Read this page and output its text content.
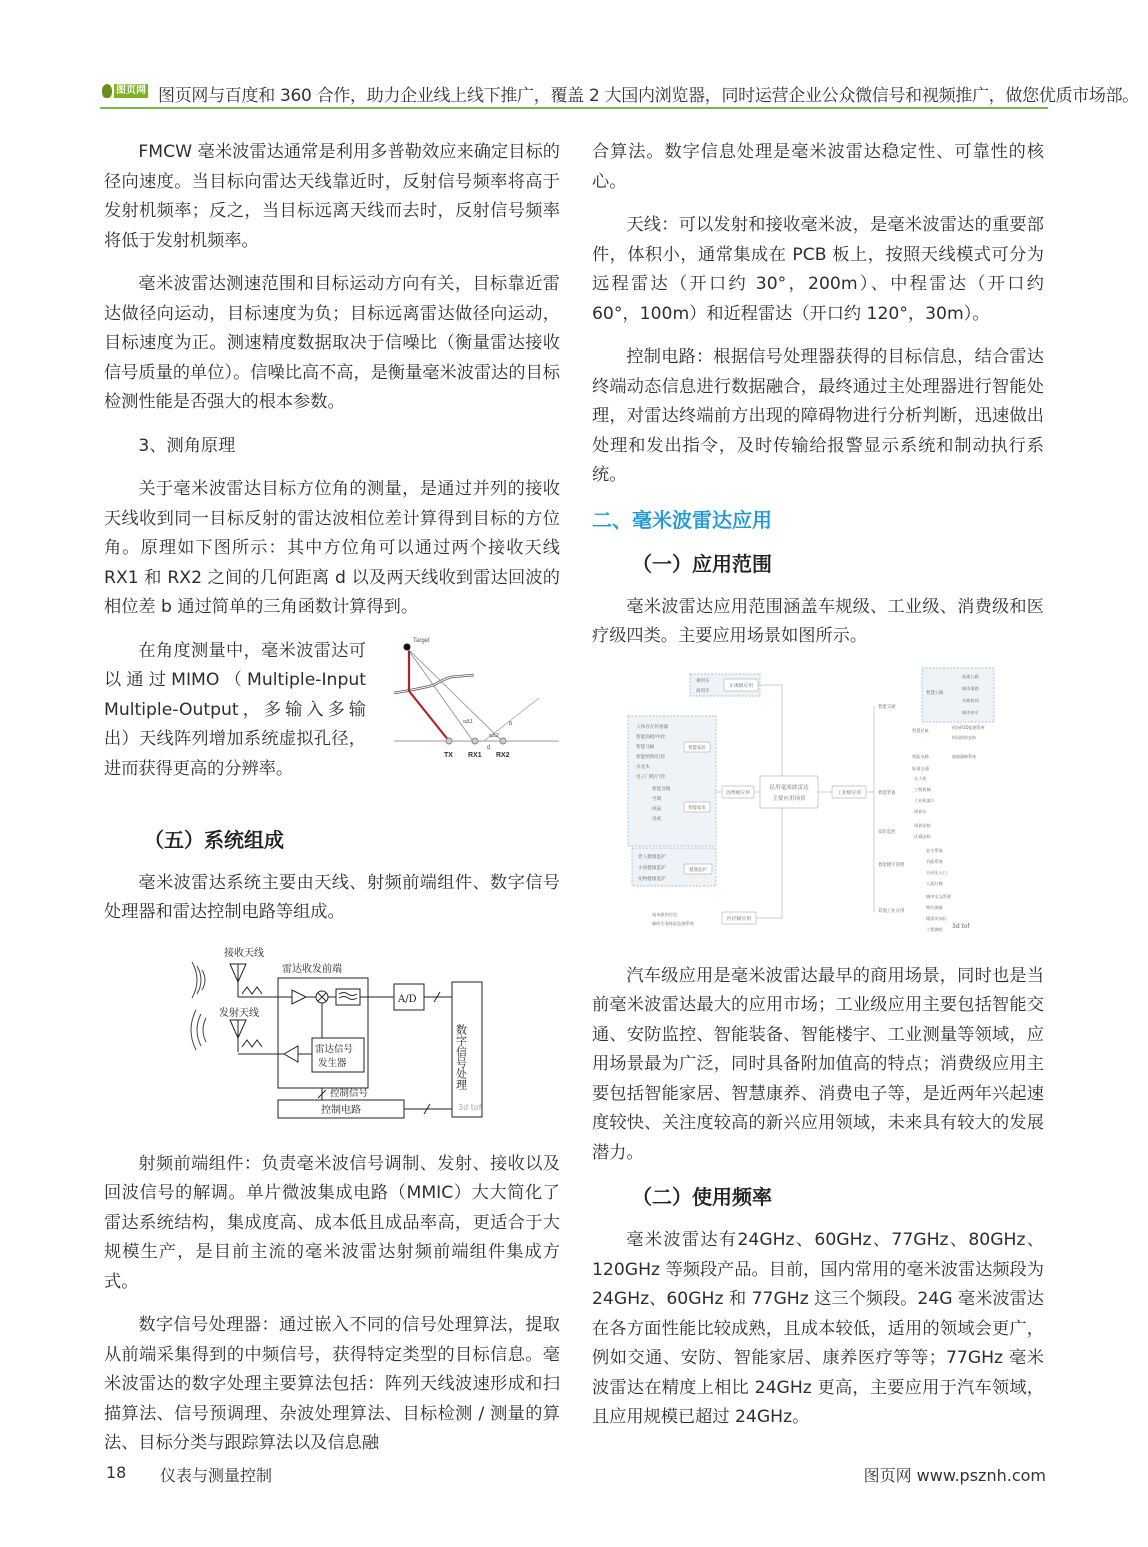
图页网 图页网与百度和 360 合作，助力企业线上线下推广，覆盖 2 大国内浏览器，同时运营企业公众微信号和视频推广，做您优质市场部。

FMCW 毫米波雷达通常是利用多普勒效应来确定目标的径向速度。当目标向雷达天线靠近时，反射信号频率将高于发射机频率；反之，当目标远离天线而去时，反射信号频率将低于发射机频率。

毫米波雷达测速范围和目标运动方向有关，目标靠近雷达做径向运动，目标速度为负；目标远离雷达做径向运动，目标速度为正。测速精度数据取决于信噪比（衡量雷达接收信号质量的单位）。信噪比高不高，是衡量毫米波雷达的目标检测性能是否强大的根本参数。

3、测角原理

关于毫米波雷达目标方位角的测量，是通过并列的接收天线收到同一目标反射的雷达波相位差计算得到目标的方位角。原理如下图所示：其中方位角可以通过两个接收天线 RX1 和 RX2 之间的几何距离 d 以及两天线收到雷达回波的相位差 b 通过简单的三角函数计算得到。

在角度测量中，毫米波雷达可以通过MIMO（Multiple-Input Multiple-Output，多输入多输出）天线阵列增加系统虚拟孔径，进而获得更高的分辨率。

Target
TX RX1 RX2
d
b
αΔ1
αΔ2

（五）系统组成

毫米波雷达系统主要由天线、射频前端组件、数字信号处理器和雷达控制电路等组成。

接收天线
发射天线
雷达收发前端
雷达信号
发生器
A/D
数字信号处理
控制电路
控制信号
3d tof

射频前端组件：负责毫米波信号调制、发射、接收以及回波信号的解调。单片微波集成电路（MMIC）大大简化了雷达系统结构，集成度高、成本低且成品率高，更适合于大规模生产，是目前主流的毫米波雷达射频前端组件集成方式。

数字信号处理器：通过嵌入不同的信号处理算法，提取从前端采集得到的中频信号，获得特定类型的目标信息。毫米波雷达的数字处理主要算法包括：阵列天线波速形成和扫描算法、信号预调理、杂波处理算法、目标检测 / 测量的算法、目标分类与跟踪算法以及信息融

合算法。数字信息处理是毫米波雷达稳定性、可靠性的核心。

天线：可以发射和接收毫米波，是毫米波雷达的重要部件，体积小，通常集成在 PCB 板上，按照天线模式可分为远程雷达（开口约 30°，200m）、中程雷达（开口约 60°，100m）和近程雷达（开口约 120°，30m）。

控制电路：根据信号处理器获得的目标信息，结合雷达终端动态信息进行数据融合，最终通过主处理器进行智能处理，对雷达终端前方出现的障碍物进行分析判断，迅速做出处理和发出指令，及时传输给报警显示系统和制动执行系统。

二、毫米波雷达应用

（一）应用范围

毫米波雷达应用范围涵盖车规级、工业级、消费级和医疗级四类。主要应用场景如图所示。

民用毫米波雷达
主要应用场景
乘用车
商用车
车规级应用
人体存在传感器
智能面板/中控
智能马桶
智能照明/灯控
水龙头
电子门锁/门铃
智能家居
智能音箱
空调
风扇
电视
智能家电
老人健康监护
小孩健康监护
宠物健康监护
健康监护
消费级应用
毫米波治疗仪
辅助生命体征监测系统
医疗级应用
工业级应用
智能交通
智慧公路
高速公路
城市道路
车路协同
城市停车
智慧民航
机场FOD监测系统
机场围界安防
智能水路	船舶避障系统
轨道交通
智能装备
无人机
工程机械
工业机器人
周界车
安防监控
周界安防
区域安防
智能楼宇管理
安全系统
节能系统
自动出入口
人流计数
其他工业应用
城市水文管理
物位测量
精准风向灯
工程测绘 3d tof

汽车级应用是毫米波雷达最早的商用场景，同时也是当前毫米波雷达最大的应用市场；工业级应用主要包括智能交通、安防监控、智能装备、智能楼宇、工业测量等领域，应用场景最为广泛，同时具备附加值高的特点；消费级应用主要包括智能家居、智慧康养、消费电子等，是近两年兴起速度较快、关注度较高的新兴应用领域，未来具有较大的发展潜力。

（二）使用频率

毫米波雷达有24GHz、60GHz、77GHz、80GHz、120GHz 等频段产品。目前，国内常用的毫米波雷达频段为24GHz、60GHz 和 77GHz 这三个频段。24G 毫米波雷达在各方面性能比较成熟，且成本较低，适用的领域会更广，例如交通、安防、智能家居、康养医疗等等；77GHz 毫米波雷达在精度上相比 24GHz 更高，主要应用于汽车领域，且应用规模已超过 24GHz。

18 仪表与测量控制	图页网 www.psznh.com
